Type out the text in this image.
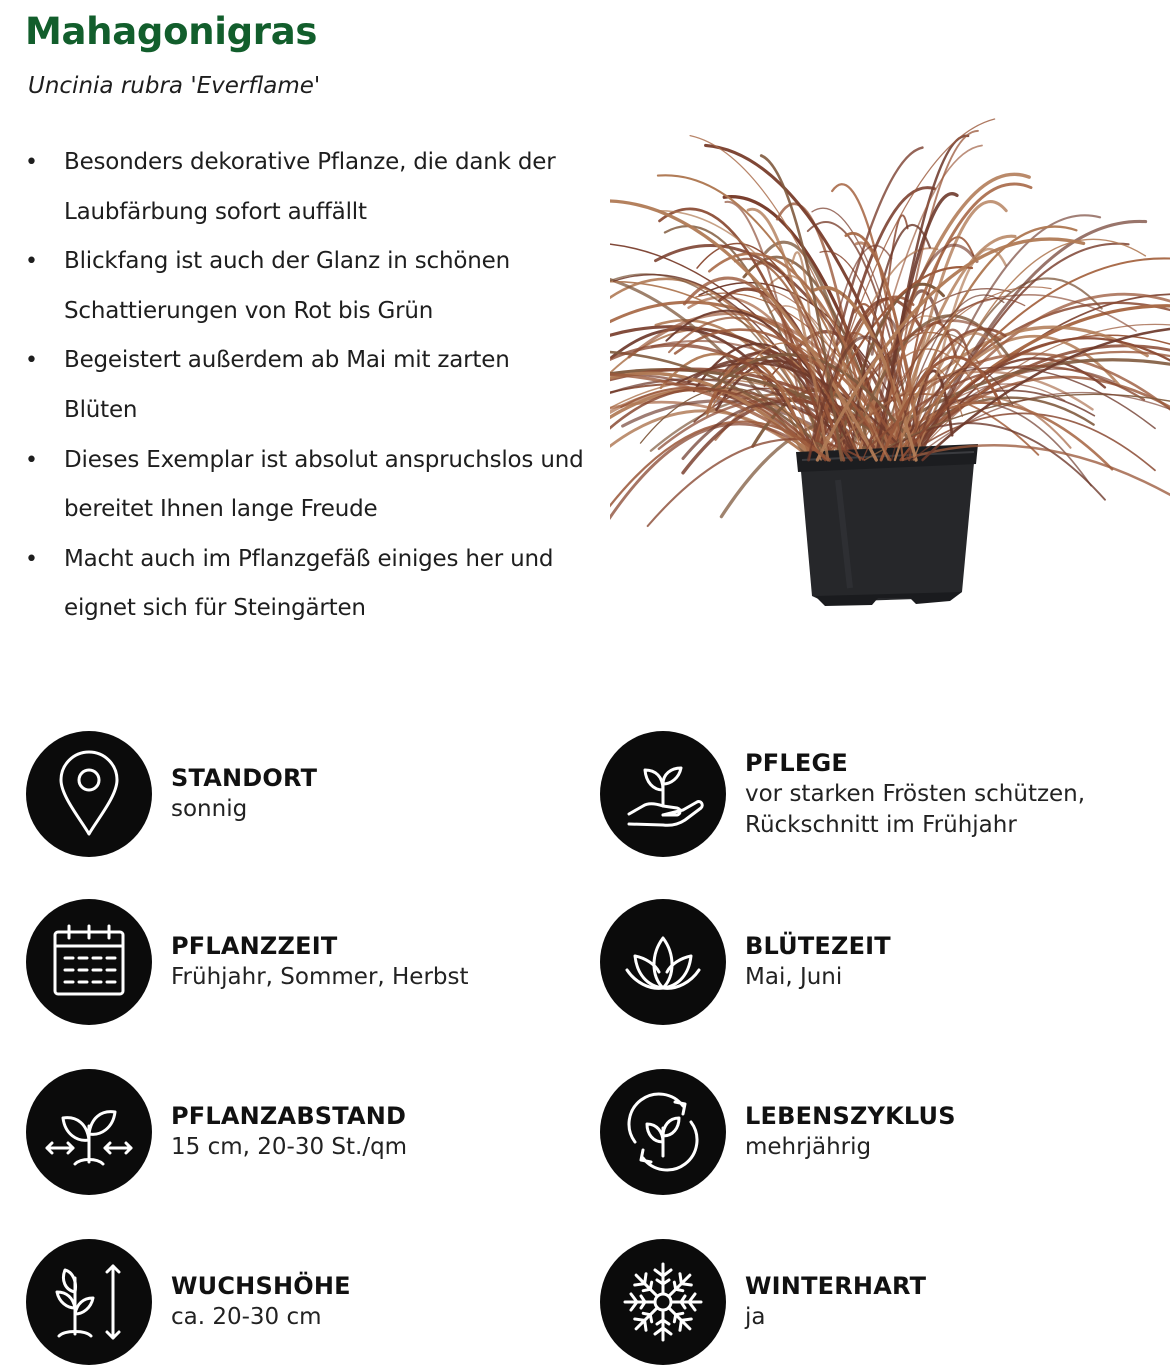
Mahagonigras

Uncinia rubra 'Everflame'

• Besonders dekorative Pflanze, die dank der Laubfärbung sofort auffällt
• Blickfang ist auch der Glanz in schönen Schattierungen von Rot bis Grün
• Begeistert außerdem ab Mai mit zarten Blüten
• Dieses Exemplar ist absolut anspruchslos und bereitet Ihnen lange Freude
• Macht auch im Pflanzgefäß einiges her und eignet sich für Steingärten
STANDORT
sonnig
PFLEGE
vor starken Frösten schützen, Rückschnitt im Frühjahr
PFLANZZEIT
Frühjahr, Sommer, Herbst
BLÜTEZEIT
Mai, Juni
PFLANZABSTAND
15 cm, 20-30 St./qm
LEBENSZYKLUS
mehrjährig
WUCHSHÖHE
ca. 20-30 cm
WINTERHART
ja
